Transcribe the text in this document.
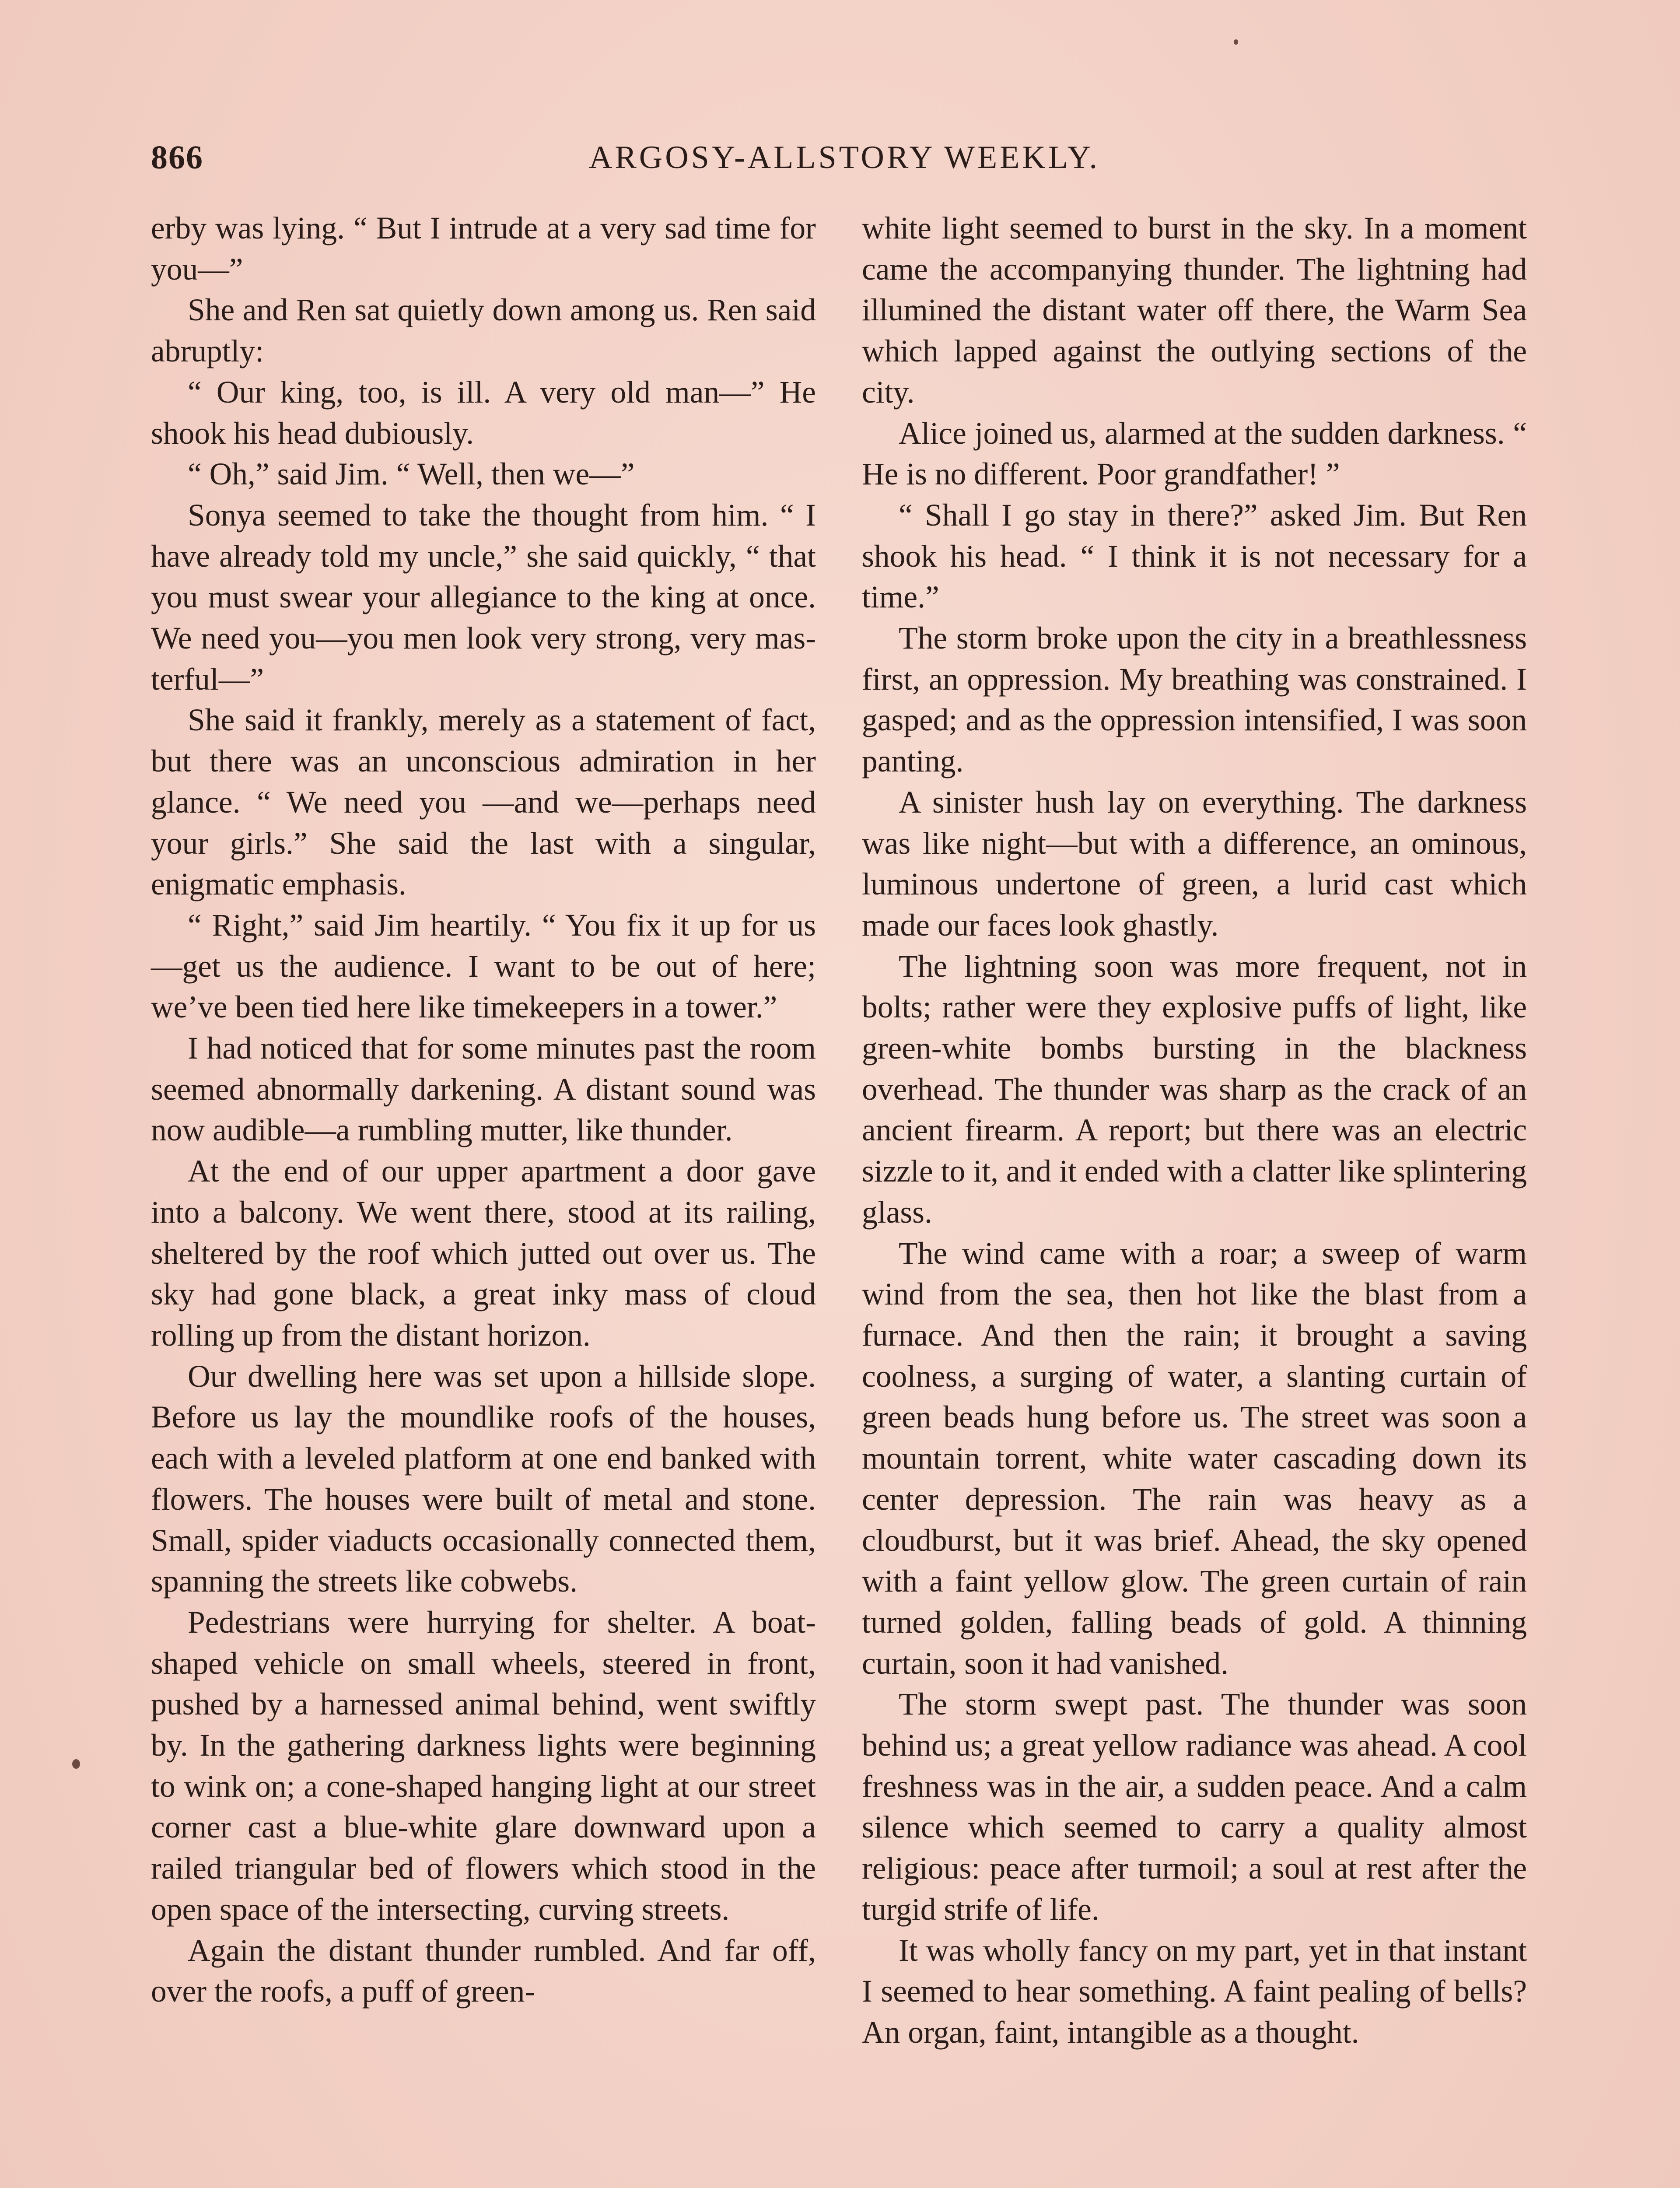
866	ARGOSY-ALLSTORY WEEKLY.

erby was lying. “ But I intrude at a very sad time for you—”

She and Ren sat quietly down among us. Ren said abruptly:

“ Our king, too, is ill. A very old man—” He shook his head dubiously.

“ Oh,” said Jim. “ Well, then we—”

Sonya seemed to take the thought from him. “ I have already told my uncle,” she said quickly, “ that you must swear your allegiance to the king at once. We need you—you men look very strong, very masterful—”

She said it frankly, merely as a statement of fact, but there was an unconscious admiration in her glance. “ We need you —and we—perhaps need your girls.” She said the last with a singular, enigmatic emphasis.

“ Right,” said Jim heartily. “ You fix it up for us—get us the audience. I want to be out of here; we’ve been tied here like timekeepers in a tower.”

I had noticed that for some minutes past the room seemed abnormally darkening. A distant sound was now audible—a rumbling mutter, like thunder.

At the end of our upper apartment a door gave into a balcony. We went there, stood at its railing, sheltered by the roof which jutted out over us. The sky had gone black, a great inky mass of cloud rolling up from the distant horizon.

Our dwelling here was set upon a hillside slope. Before us lay the moundlike roofs of the houses, each with a leveled platform at one end banked with flowers. The houses were built of metal and stone. Small, spider viaducts occasionally connected them, spanning the streets like cobwebs.

Pedestrians were hurrying for shelter. A boat-shaped vehicle on small wheels, steered in front, pushed by a harnessed animal behind, went swiftly by. In the gathering darkness lights were beginning to wink on; a cone-shaped hanging light at our street corner cast a blue-white glare downward upon a railed triangular bed of flowers which stood in the open space of the intersecting, curving streets.

Again the distant thunder rumbled. And far off, over the roofs, a puff of green-

white light seemed to burst in the sky. In a moment came the accompanying thunder. The lightning had illumined the distant water off there, the Warm Sea which lapped against the outlying sections of the city.

Alice joined us, alarmed at the sudden darkness. “ He is no different. Poor grandfather! ”

“ Shall I go stay in there?” asked Jim. But Ren shook his head. “ I think it is not necessary for a time.”

The storm broke upon the city in a breathlessness first, an oppression. My breathing was constrained. I gasped; and as the oppression intensified, I was soon panting.

A sinister hush lay on everything. The darkness was like night—but with a difference, an ominous, luminous undertone of green, a lurid cast which made our faces look ghastly.

The lightning soon was more frequent, not in bolts; rather were they explosive puffs of light, like green-white bombs bursting in the blackness overhead. The thunder was sharp as the crack of an ancient firearm. A report; but there was an electric sizzle to it, and it ended with a clatter like splintering glass.

The wind came with a roar; a sweep of warm wind from the sea, then hot like the blast from a furnace. And then the rain; it brought a saving coolness, a surging of water, a slanting curtain of green beads hung before us. The street was soon a mountain torrent, white water cascading down its center depression. The rain was heavy as a cloudburst, but it was brief. Ahead, the sky opened with a faint yellow glow. The green curtain of rain turned golden, falling beads of gold. A thinning curtain, soon it had vanished.

The storm swept past. The thunder was soon behind us; a great yellow radiance was ahead. A cool freshness was in the air, a sudden peace. And a calm silence which seemed to carry a quality almost religious: peace after turmoil; a soul at rest after the turgid strife of life.

It was wholly fancy on my part, yet in that instant I seemed to hear something. A faint pealing of bells? An organ, faint, intangible as a thought.
